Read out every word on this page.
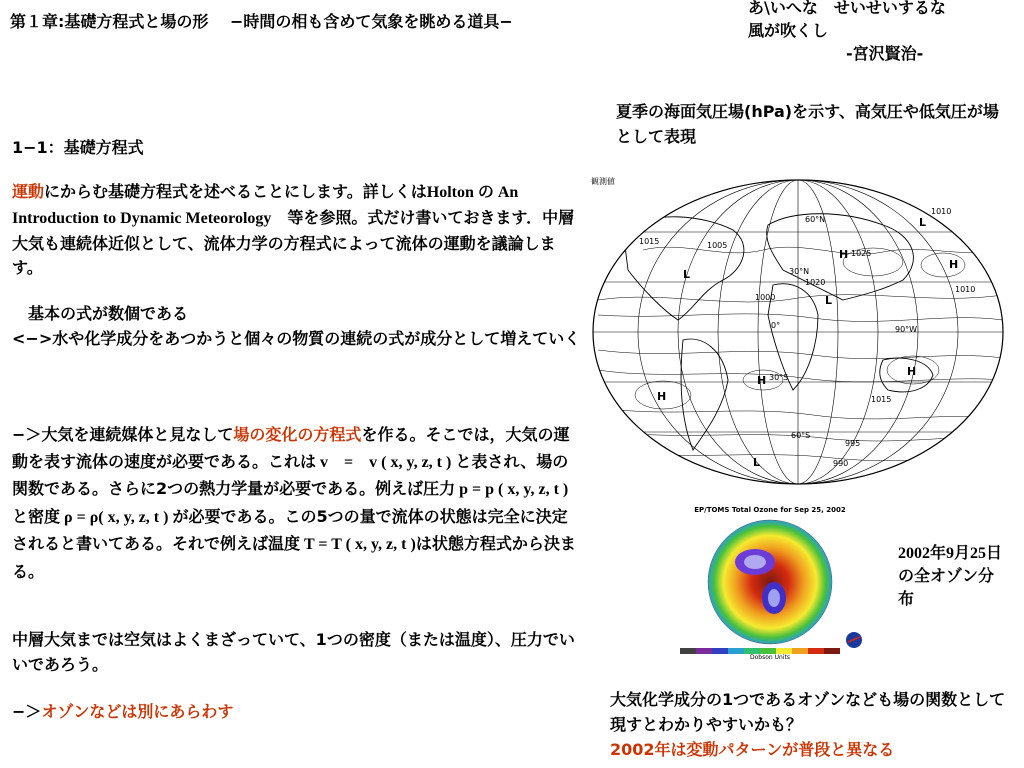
第１章:基礎方程式と場の形　 −時間の相も含めて気象を眺める道具−
あ\いへな　せいせいするな
風が吹くし

-宮沢賢治-
夏季の海面気圧場(hPa)を示す、高気圧や低気圧が場として表現
1−1：基礎方程式
運動にからむ基礎方程式を述べることにします。詳しくはHolton の An Introduction to Dynamic Meteorology　等を参照。式だけ書いておきます．中層大気も連続体近似として、流体力学の方程式によって流体の運動を議論します。
　基本の式が数個である
<−>水や化学成分をあつかうと個々の物質の連続の式が成分として増えていく
−＞大気を連続媒体と見なして場の変化の方程式を作る。そこでは，大気の運動を表す流体の速度が必要である。これは v　=　v ( x, y, z, t ) と表され、場の関数である。さらに2つの熱力学量が必要である。例えば圧力 p = p ( x, y, z, t ) と密度 ρ = ρ( x, y, z, t ) が必要である。この5つの量で流体の状態は完全に決定されると書いてある。それで例えば温度 T = T ( x, y, z, t )は状態方程式から決まる。
中層大気までは空気はよくまざっていて、1つの密度（または温度）、圧力でいいであろう。
−＞オゾンなどは別にあらわす
観測値
60°N
30°N
0°
30°S
60°S
90°W
1010
1005
1015
1020
1025
995
990
1000
1010
1015
H
H
H
H
H
L
L
L
L
EP/TOMS Total Ozone for Sep 25, 2002
Dobson Units
2002年9月25日の全オゾン分布
大気化学成分の1つであるオゾンなども場の関数として現すとわかりやすいかも？
2002年は変動パターンが普段と異なる
